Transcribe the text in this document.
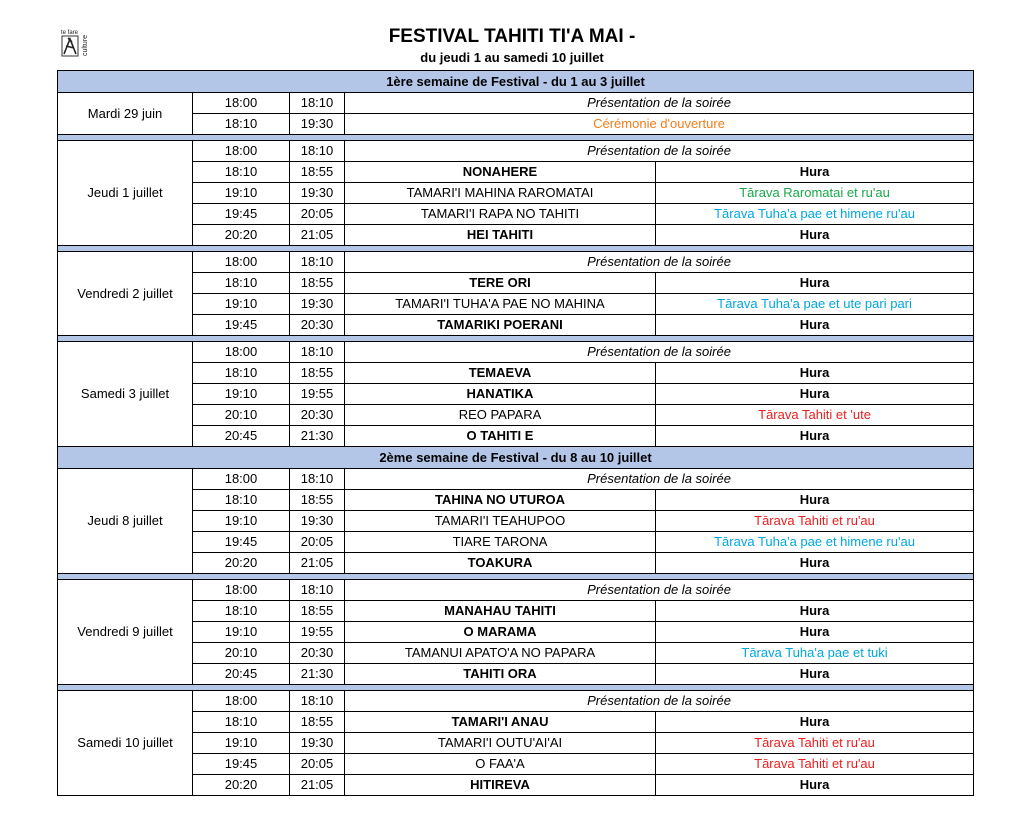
te fare
culture	FESTIVAL TAHITI TI'A MAI -
du jeudi 1 au samedi 10 juillet
1ère semaine de Festival - du 1 au 3 juillet				
Mardi 29 juin	18:00	18:10	Présentation de la soirée	
	18:10	19:30	Cérémonie d'ouverture	

Jeudi 1 juillet	18:00	18:10	Présentation de la soirée	
	18:10	18:55	NONAHERE	Hura
	19:10	19:30	TAMARI'I MAHINA RAROMATAI	Tārava Raromatai et ru'au
	19:45	20:05	TAMARI'I RAPA NO TAHITI	Tārava Tuha'a pae et himene ru'au
	20:20	21:05	HEI TAHITI	Hura

Vendredi 2 juillet	18:00	18:10	Présentation de la soirée	
	18:10	18:55	TERE ORI	Hura
	19:10	19:30	TAMARI'I TUHA'A PAE NO MAHINA	Tārava Tuha'a pae et ute pari pari
	19:45	20:30	TAMARIKI POERANI	Hura

Samedi 3 juillet	18:00	18:10	Présentation de la soirée	
	18:10	18:55	TEMAEVA	Hura
	19:10	19:55	HANATIKA	Hura
	20:10	20:30	REO PAPARA	Tārava Tahiti et 'ute
	20:45	21:30	O TAHITI E	Hura
2ème semaine de Festival - du 8 au 10 juillet				
Jeudi 8 juillet	18:00	18:10	Présentation de la soirée	
	18:10	18:55	TAHINA NO UTUROA	Hura
	19:10	19:30	TAMARI'I TEAHUPOO	Tārava Tahiti et ru'au
	19:45	20:05	TIARE TARONA	Tārava Tuha'a pae et himene ru'au
	20:20	21:05	TOAKURA	Hura

Vendredi 9 juillet	18:00	18:10	Présentation de la soirée	
	18:10	18:55	MANAHAU TAHITI	Hura
	19:10	19:55	O MARAMA	Hura
	20:10	20:30	TAMANUI APATO'A NO PAPARA	Tārava Tuha'a pae et tuki
	20:45	21:30	TAHITI ORA	Hura

Samedi 10 juillet	18:00	18:10	Présentation de la soirée	
	18:10	18:55	TAMARI'I ANAU	Hura
	19:10	19:30	TAMARI'I OUTU'AI'AI	Tārava Tahiti et ru'au
	19:45	20:05	O FAA'A	Tārava Tahiti et ru'au
	20:20	21:05	HITIREVA	Hura
